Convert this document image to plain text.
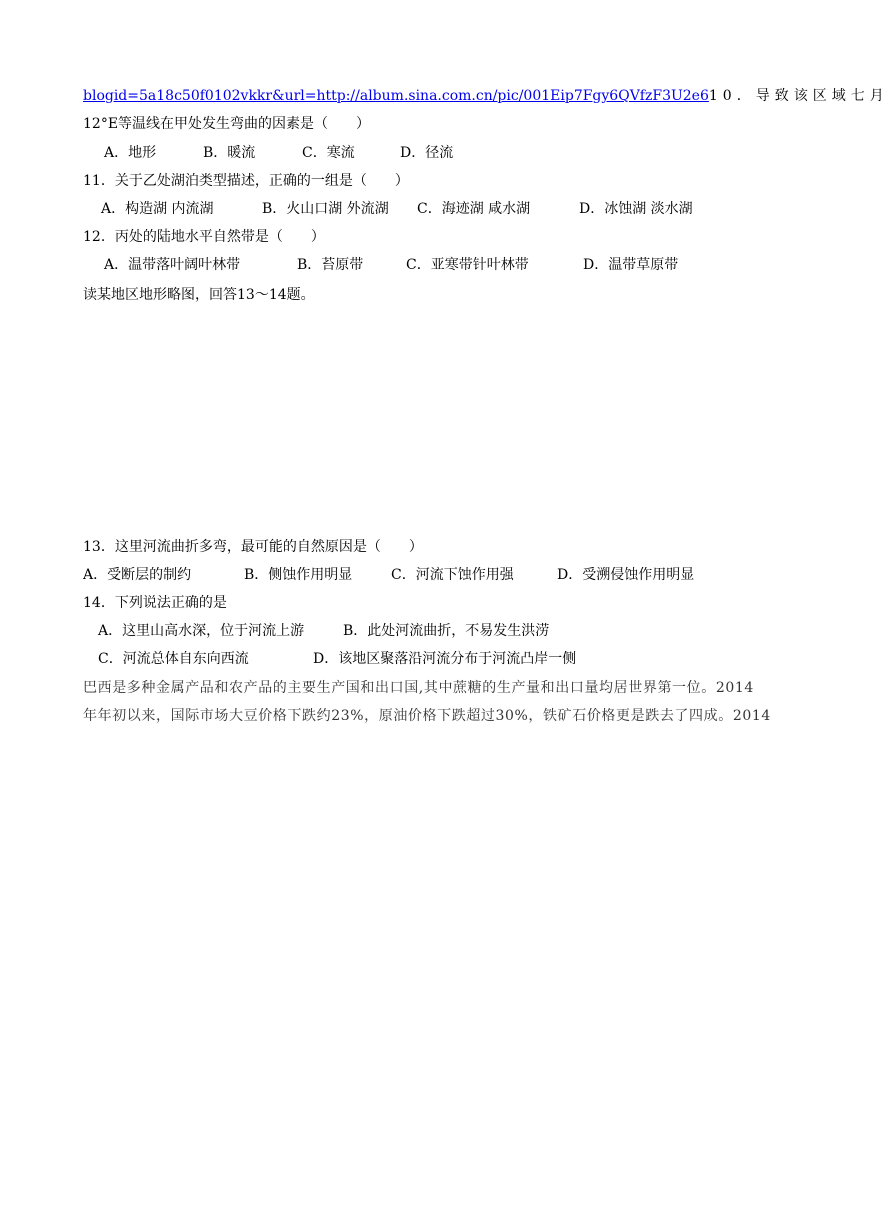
blogid=5a18c50f0102vkkr&url=http://album.sina.com.cn/pic/001Eip7Fgy6QVfzF3U2e610．导致该区域七月
12°E等温线在甲处发生弯曲的因素是（　　）
A．地形	B．暖流	C．寒流	D．径流
11．关于乙处湖泊类型描述，正确的一组是（　　）
A．构造湖 内流湖	B．火山口湖 外流湖 C．海迹湖 咸水湖	D．冰蚀湖 淡水湖
12．丙处的陆地水平自然带是（　　）
A．温带落叶阔叶林带	B．苔原带	C．亚寒带针叶林带	D．温带草原带
读某地区地形略图，回答13～14题。
13．这里河流曲折多弯，最可能的自然原因是（　　）
A．受断层的制约	B．侧蚀作用明显	C．河流下蚀作用强	D．受溯侵蚀作用明显
14．下列说法正确的是
A．这里山高水深，位于河流上游	B．此处河流曲折，不易发生洪涝
C．河流总体自东向西流	D．该地区聚落沿河流分布于河流凸岸一侧
巴西是多种金属产品和农产品的主要生产国和出口国,其中蔗糖的生产量和出口量均居世界第一位。2014
年年初以来，国际市场大豆价格下跌约23%，原油价格下跌超过30%，铁矿石价格更是跌去了四成。2014
